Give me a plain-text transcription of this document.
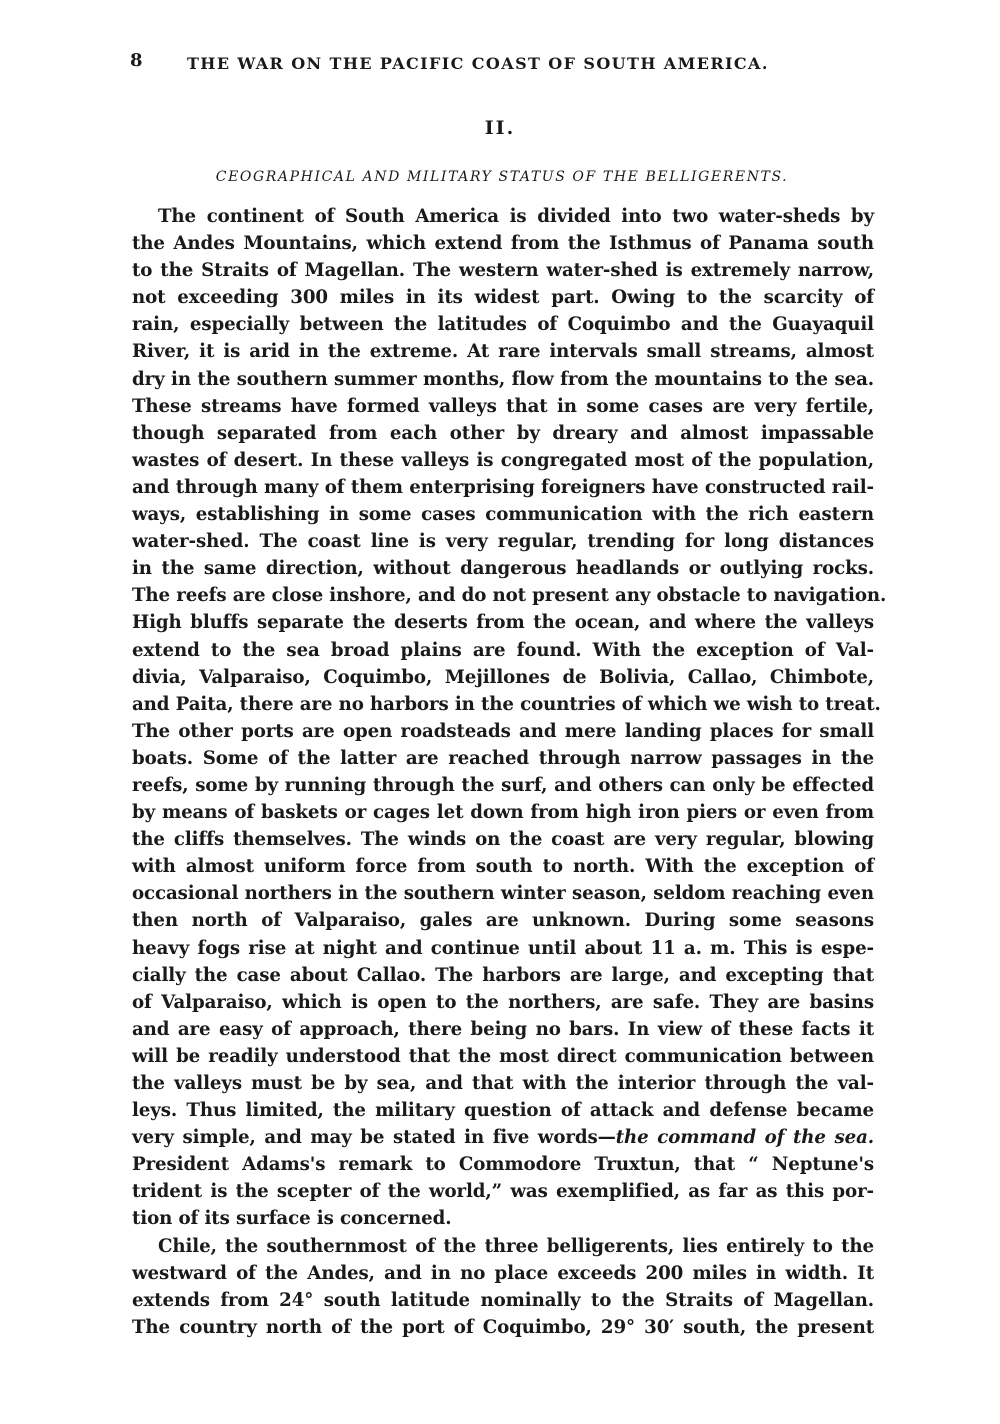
8	THE WAR ON THE PACIFIC COAST OF SOUTH AMERICA.
II.
CEOGRAPHICAL AND MILITARY STATUS OF THE BELLIGERENTS.
The continent of South America is divided into two water-sheds by
the Andes Mountains, which extend from the Isthmus of Panama south
to the Straits of Magellan. The western water-shed is extremely narrow,
not exceeding 300 miles in its widest part. Owing to the scarcity of
rain, especially between the latitudes of Coquimbo and the Guayaquil
River, it is arid in the extreme. At rare intervals small streams, almost
dry in the southern summer months, flow from the mountains to the sea.
These streams have formed valleys that in some cases are very fertile,
though separated from each other by dreary and almost impassable
wastes of desert. In these valleys is congregated most of the population,
and through many of them enterprising foreigners have constructed rail-
ways, establishing in some cases communication with the rich eastern
water-shed. The coast line is very regular, trending for long distances
in the same direction, without dangerous headlands or outlying rocks.
The reefs are close inshore, and do not present any obstacle to navigation.
High bluffs separate the deserts from the ocean, and where the valleys
extend to the sea broad plains are found. With the exception of Val-
divia, Valparaiso, Coquimbo, Mejillones de Bolivia, Callao, Chimbote,
and Paita, there are no harbors in the countries of which we wish to treat.
The other ports are open roadsteads and mere landing places for small
boats. Some of the latter are reached through narrow passages in the
reefs, some by running through the surf, and others can only be effected
by means of baskets or cages let down from high iron piers or even from
the cliffs themselves. The winds on the coast are very regular, blowing
with almost uniform force from south to north. With the exception of
occasional northers in the southern winter season, seldom reaching even
then north of Valparaiso, gales are unknown. During some seasons
heavy fogs rise at night and continue until about 11 a. m. This is espe-
cially the case about Callao. The harbors are large, and excepting that
of Valparaiso, which is open to the northers, are safe. They are basins
and are easy of approach, there being no bars. In view of these facts it
will be readily understood that the most direct communication between
the valleys must be by sea, and that with the interior through the val-
leys. Thus limited, the military question of attack and defense became
very simple, and may be stated in five words—the command of the sea.
President Adams's remark to Commodore Truxtun, that “ Neptune's
trident is the scepter of the world,” was exemplified, as far as this por-
tion of its surface is concerned.
Chile, the southernmost of the three belligerents, lies entirely to the
westward of the Andes, and in no place exceeds 200 miles in width. It
extends from 24° south latitude nominally to the Straits of Magellan.
The country north of the port of Coquimbo, 29° 30′ south, the present
